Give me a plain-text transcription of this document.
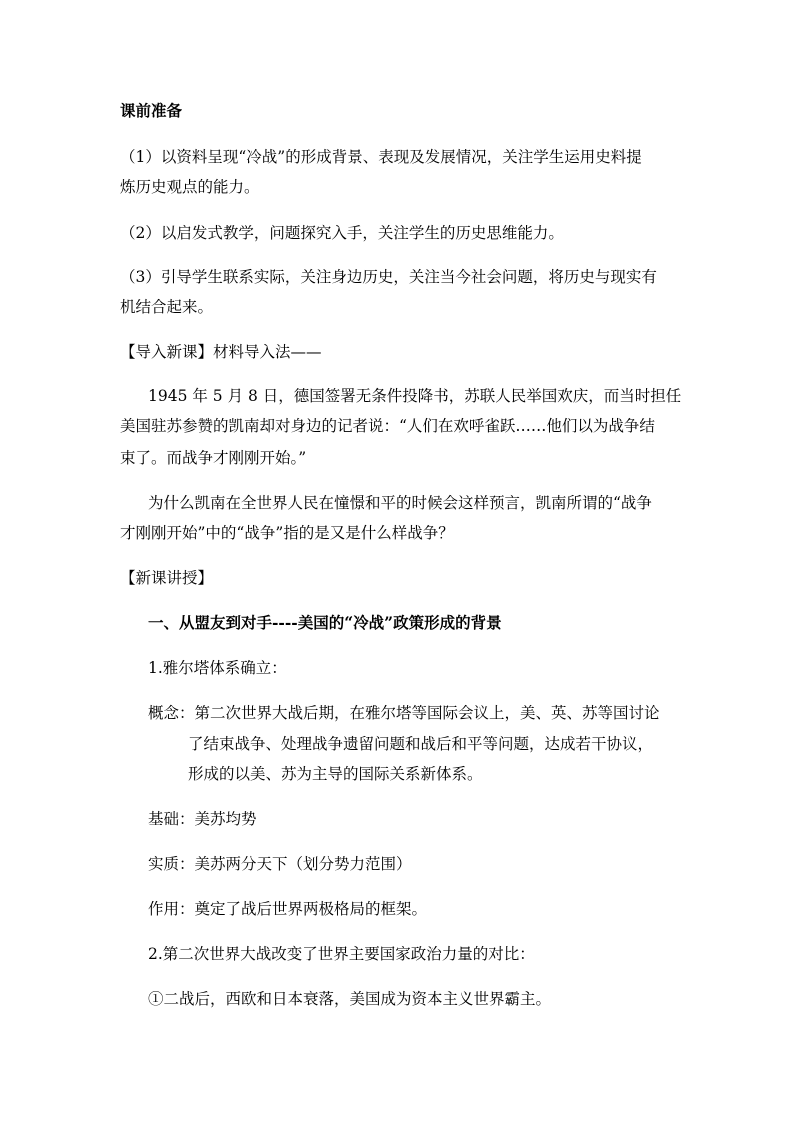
课前准备
（1）以资料呈现“冷战”的形成背景、表现及发展情况，关注学生运用史料提
炼历史观点的能力。
（2）以启发式教学，问题探究入手，关注学生的历史思维能力。
（3）引导学生联系实际，关注身边历史，关注当今社会问题，将历史与现实有
机结合起来。
【导入新课】材料导入法——
1945 年 5 月 8 日，德国签署无条件投降书，苏联人民举国欢庆，而当时担任
美国驻苏参赞的凯南却对身边的记者说：“人们在欢呼雀跃……他们以为战争结
束了。而战争才刚刚开始。”
为什么凯南在全世界人民在憧憬和平的时候会这样预言，凯南所谓的“战争
才刚刚开始”中的“战争”指的是又是什么样战争？
【新课讲授】
一、从盟友到对手----美国的“冷战”政策形成的背景
1.雅尔塔体系确立：
概念：第二次世界大战后期，在雅尔塔等国际会议上，美、英、苏等国讨论
了结束战争、处理战争遗留问题和战后和平等问题，达成若干协议，
形成的以美、苏为主导的国际关系新体系。
基础：美苏均势
实质：美苏两分天下（划分势力范围）
作用：奠定了战后世界两极格局的框架。
2.第二次世界大战改变了世界主要国家政治力量的对比：
①二战后，西欧和日本衰落，美国成为资本主义世界霸主。
